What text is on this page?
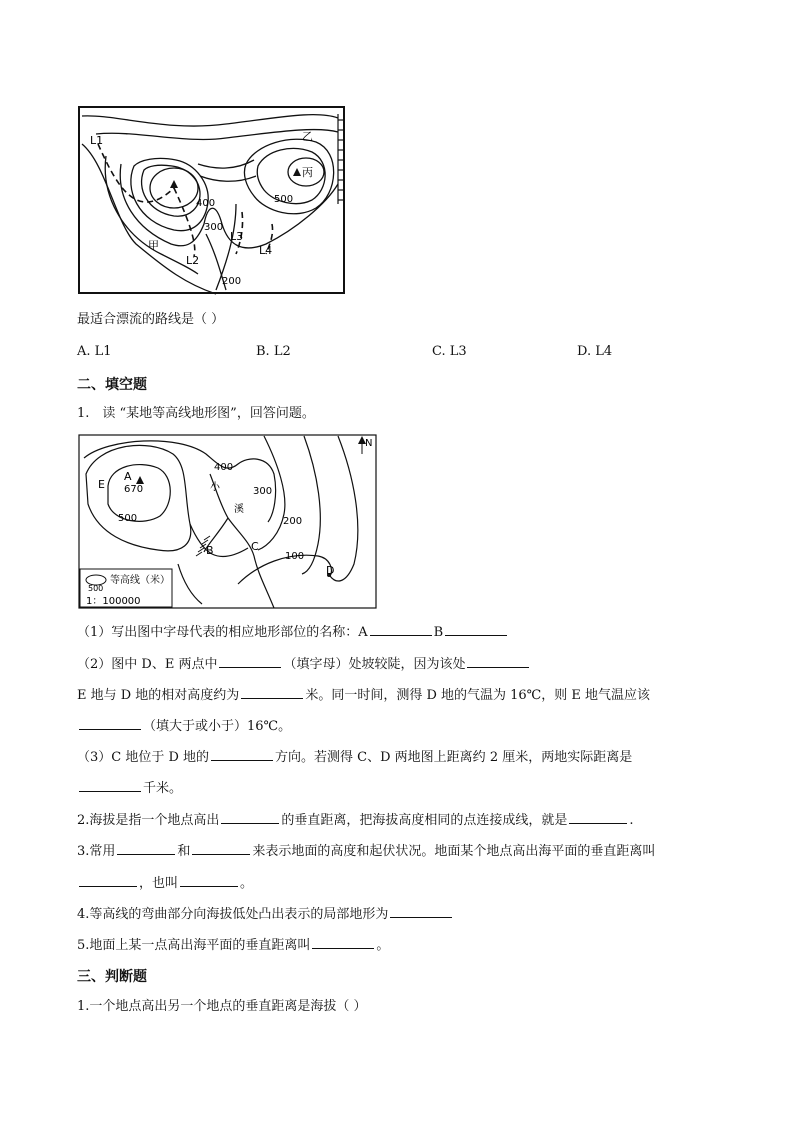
L1
L2
L3
L4
甲
乙
丙
400
300
200
500
最适合漂流的路线是（ ）
A. L1	B. L2	C. L3	D. L4
二、填空题
1.　读 “某地等高线地形图”，回答问题。
N
A
670
E
B	C
D
400
300
200
100
500
小
溪
500
等高线（米）
1：100000
（1）写出图中字母代表的相应地形部位的名称：A	B
（2）图中 D、E 两点中	（填字母）处坡较陡，因为该处
E 地与 D 地的相对高度约为	米。同一时间，测得 D 地的气温为 16℃，则 E 地气温应该
（填大于或小于）16℃。
（3）C 地位于 D 地的	方向。若测得 C、D 两地图上距离约 2 厘米，两地实际距离是
千米。
2.海拔是指一个地点高出	的垂直距离，把海拔高度相同的点连接成线，就是	.
3.常用	和	来表示地面的高度和起伏状况。地面某个地点高出海平面的垂直距离叫
，也叫	。
4.等高线的弯曲部分向海拔低处凸出表示的局部地形为
5.地面上某一点高出海平面的垂直距离叫	。
三、判断题
1.一个地点高出另一个地点的垂直距离是海拔（ ）
